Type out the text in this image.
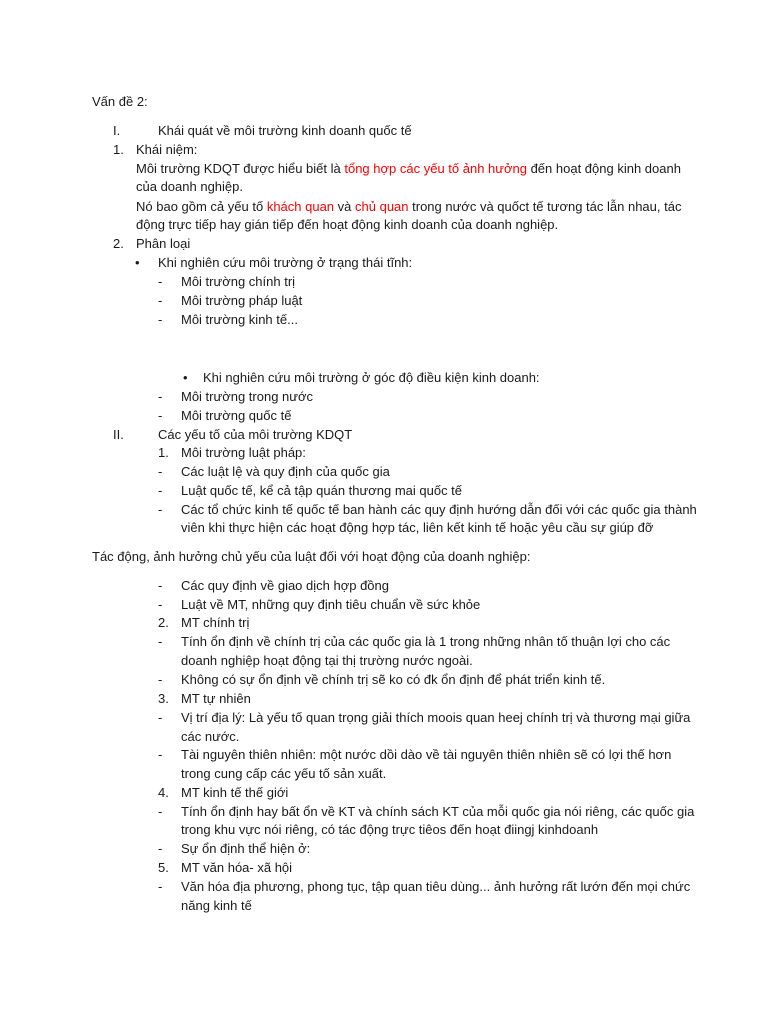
Vấn đề 2:
I.	Khái quát về môi trường kinh doanh quốc tế
1. Khái niệm:
Môi trường KDQT được hiểu biết là tổng hợp các yếu tố ảnh hưởng đến hoạt động kinh doanh
của doanh nghiệp.
Nó bao gồm cả yếu tố khách quan và chủ quan trong nước và quốct tế tương tác lẫn nhau, tác
động trực tiếp hay gián tiếp đến hoạt động kinh doanh của doanh nghiệp.
2. Phân loại
• Khi nghiên cứu môi trường ở trạng thái tĩnh:
- Môi trường chính trị
- Môi trường pháp luật
- Môi trường kinh tế...
• Khi nghiên cứu môi trường ở góc độ điều kiện kinh doanh:
- Môi trường trong nước
- Môi trường quốc tế
II.	Các yếu tố của môi trường KDQT
1. Môi trường luật pháp:
- Các luật lệ và quy định của quốc gia
- Luật quốc tế, kể cả tập quán thương mai quốc tế
- Các tổ chức kinh tế quốc tế ban hành các quy định hướng dẫn đối với các quốc gia thành
viên khi thực hiện các hoạt động hợp tác, liên kết kinh tế hoặc yêu cầu sự giúp đỡ
Tác động, ảnh hưởng chủ yếu của luật đối với hoạt động của doanh nghiệp:
- Các quy định về giao dịch hợp đồng
- Luật về MT, những quy định tiêu chuẩn về sức khỏe
2. MT chính trị
- Tính ổn định về chính trị của các quốc gia là 1 trong những nhân tố thuận lợi cho các
doanh nghiệp hoạt động tại thị trường nước ngoài.
- Không có sự ổn định về chính trị sẽ ko có đk ổn định để phát triển kinh tế.
3. MT tự nhiên
- Vị trí địa lý: Là yếu tố quan trọng giải thích moois quan heej chính trị và thương mại giữa
các nước.
- Tài nguyên thiên nhiên: một nước dồi dào về tài nguyên thiên nhiên sẽ có lợi thế hơn
trong cung cấp các yếu tố sản xuất.
4. MT kinh tế thế giới
- Tính ổn định hay bất ổn về KT và chính sách KT của mỗi quốc gia nói riêng, các quốc gia
trong khu vực nói riêng, có tác động trực tiêos đến hoạt điingj kinhdoanh
- Sự ổn định thể hiện ở:
5. MT văn hóa- xã hội
- Văn hóa địa phương, phong tục, tập quan tiêu dùng... ảnh hưởng rất lướn đến mọi chức
năng kinh tế
